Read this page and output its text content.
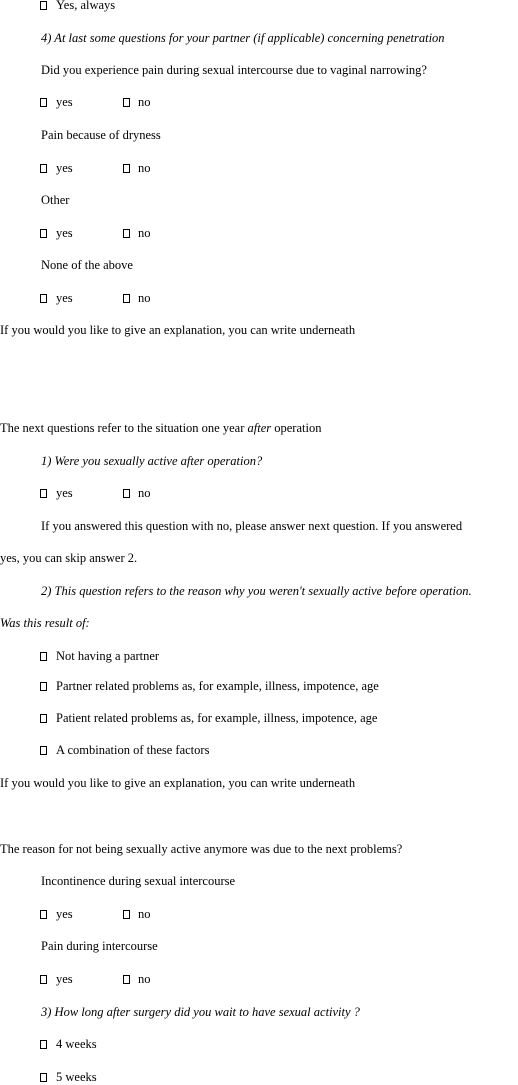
Yes, always
4) At last some questions for your partner (if applicable) concerning penetration
Did you experience pain during sexual intercourse due to vaginal narrowing?
yes	no
Pain because of dryness
yes	no
Other
yes	no
None of the above
yes	no
If you would you like to give an explanation, you can write underneath
The next questions refer to the situation one year after operation
1) Were you sexually active after operation?
yes	no
If you answered this question with no, please answer next question. If you answered
yes, you can skip answer 2.
2) This question refers to the reason why you weren't sexually active before operation.
Was this result of:
Not having a partner
Partner related problems as, for example, illness, impotence, age
Patient related problems as, for example, illness, impotence, age
A combination of these factors
If you would you like to give an explanation, you can write underneath
The reason for not being sexually active anymore was due to the next problems?
Incontinence during sexual intercourse
yes	no
Pain during intercourse
yes	no
3) How long after surgery did you wait to have sexual activity ?
4 weeks
5 weeks
